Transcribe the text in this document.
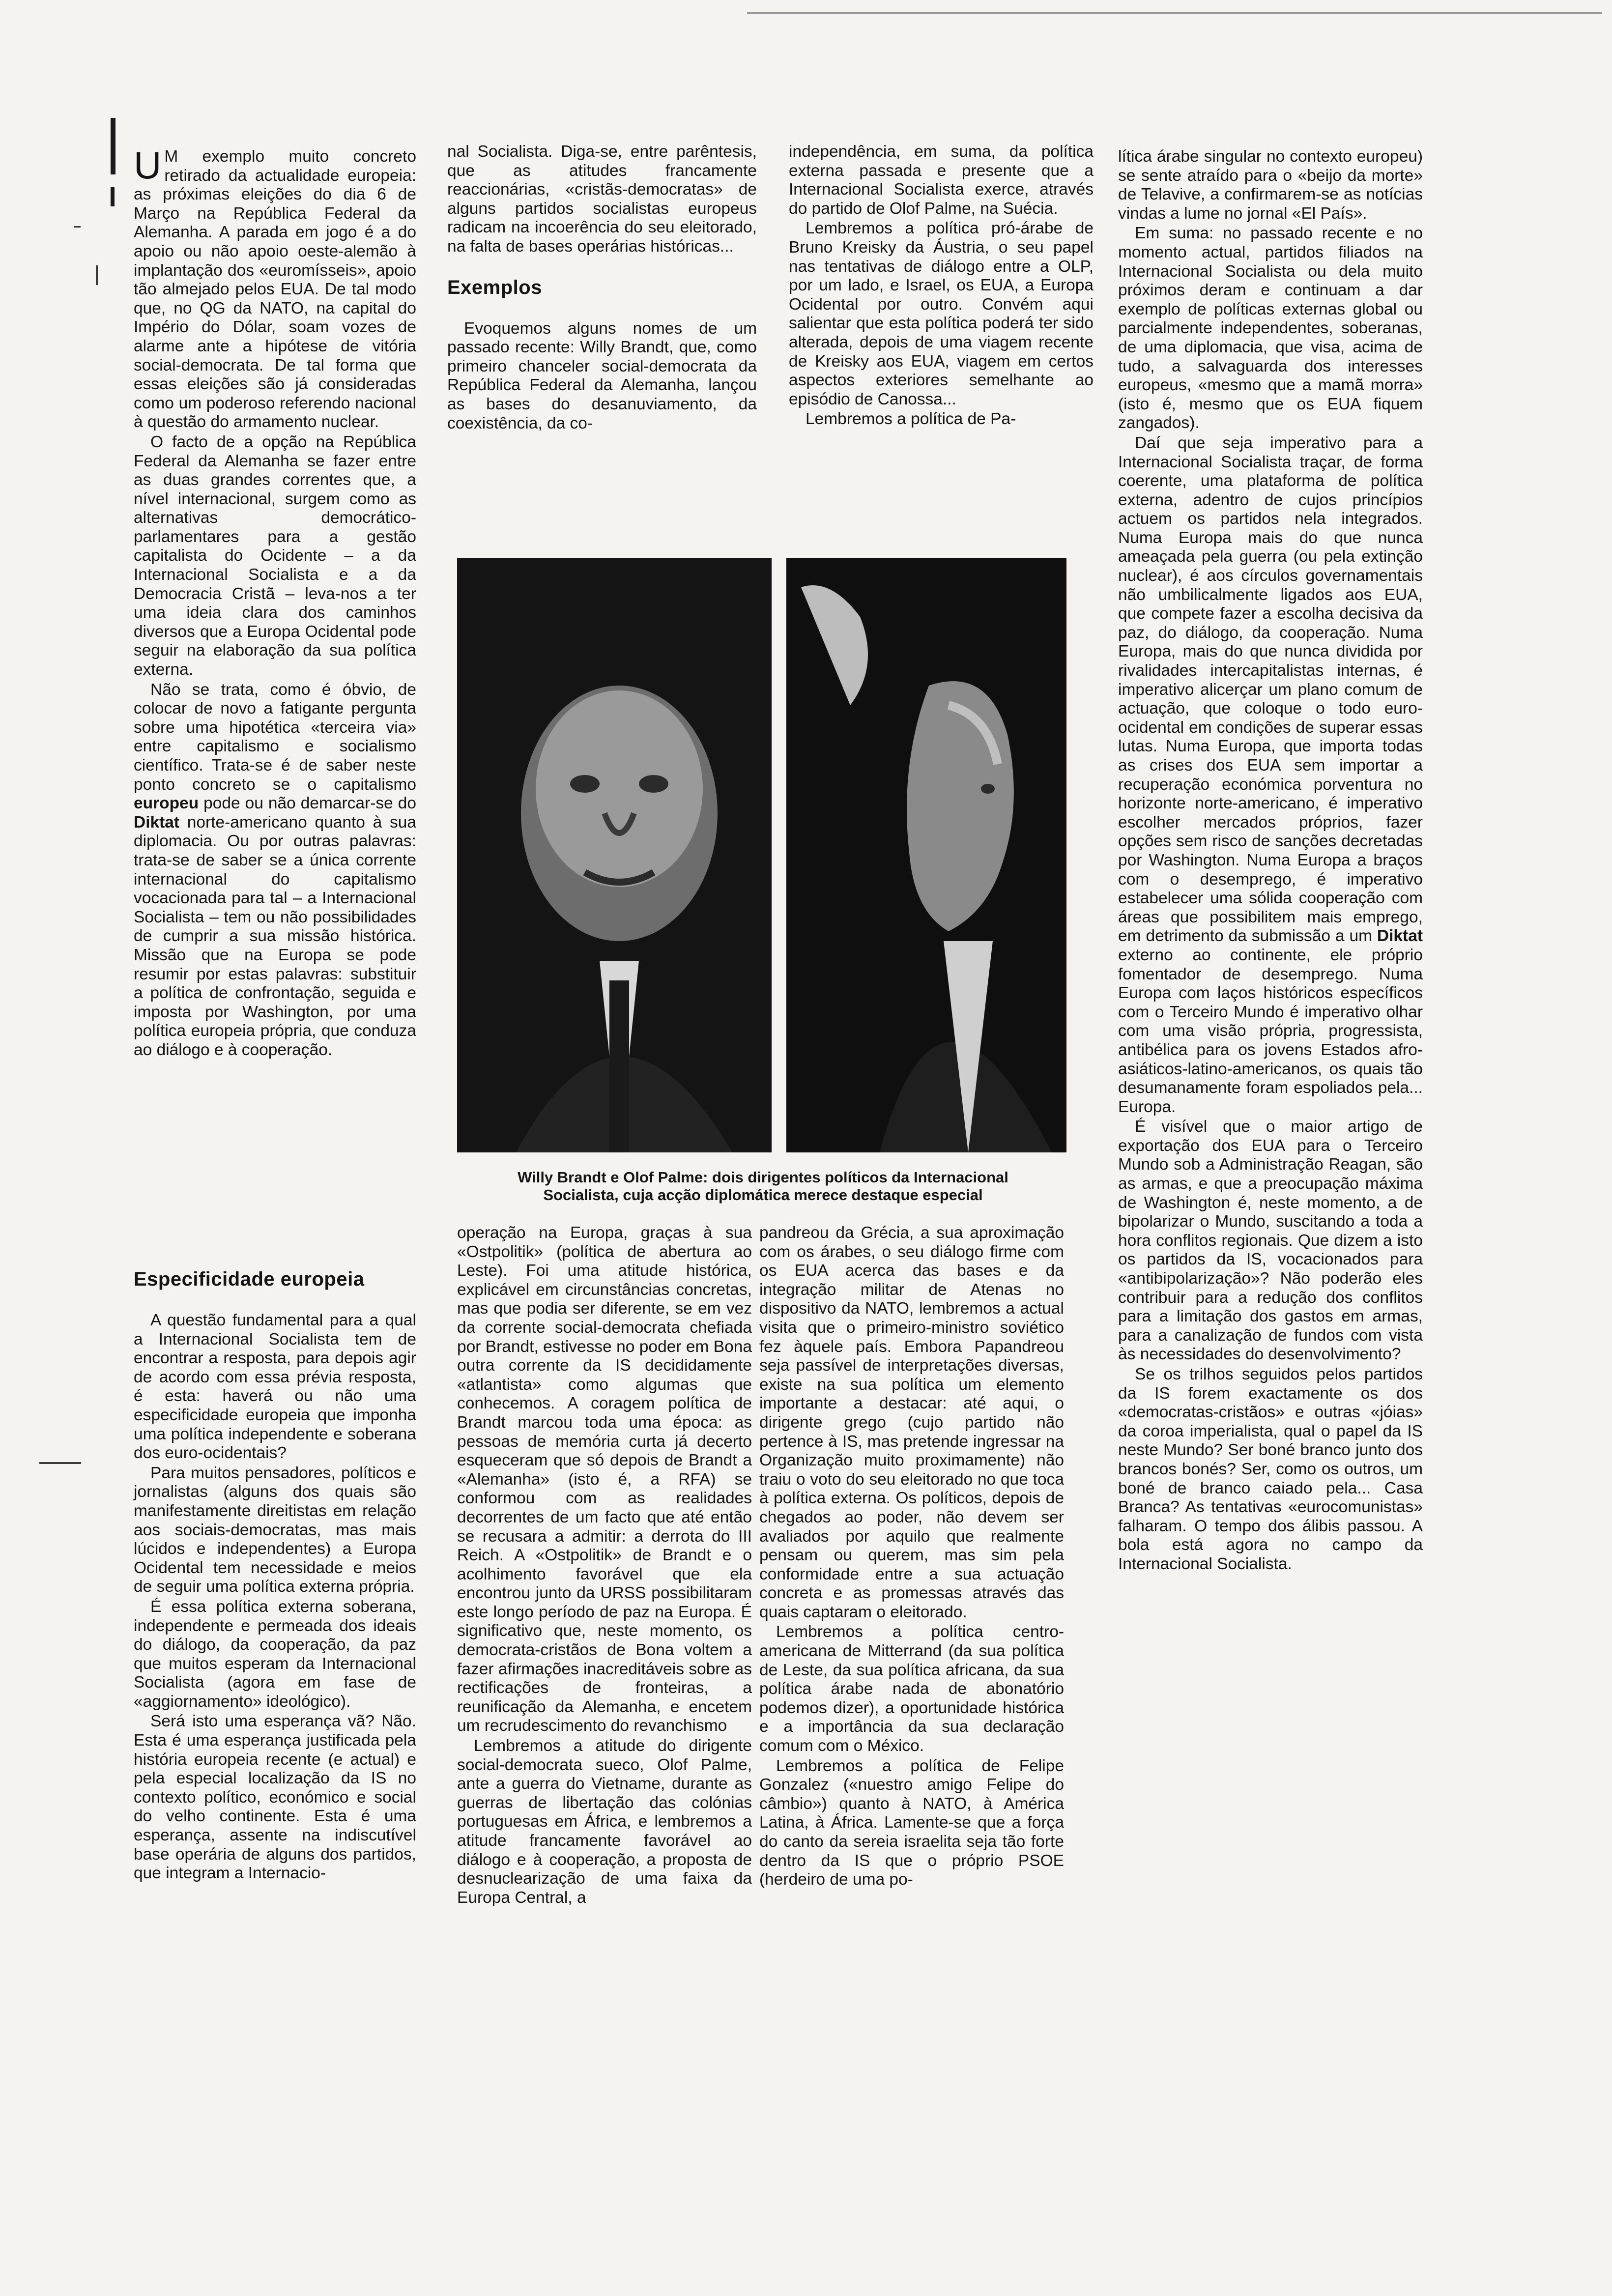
U M exemplo muito concreto retirado da actualidade europeia: as próximas eleições do dia 6 de Março na República Federal da Alemanha. A parada em jogo é a do apoio ou não apoio oeste-alemão à implantação dos «euromísseis», apoio tão almejado pelos EUA. De tal modo que, no QG da NATO, na capital do Império do Dólar, soam vozes de alarme ante a hipótese de vitória social-democrata. De tal forma que essas eleições são já consideradas como um poderoso referendo nacional à questão do armamento nuclear.

O facto de a opção na República Federal da Alemanha se fazer entre as duas grandes correntes que, a nível internacional, surgem como as alternativas democrático-parlamentares para a gestão capitalista do Ocidente – a da Internacional Socialista e a da Democracia Cristã – leva-nos a ter uma ideia clara dos caminhos diversos que a Europa Ocidental pode seguir na elaboração da sua política externa.

Não se trata, como é óbvio, de colocar de novo a fatigante pergunta sobre uma hipotética «terceira via» entre capitalismo e socialismo científico. Trata-se é de saber neste ponto concreto se o capitalismo europeu pode ou não demarcar-se do Diktat norte-americano quanto à sua diplomacia. Ou por outras palavras: trata-se de saber se a única corrente internacional do capitalismo vocacionada para tal – a Internacional Socialista – tem ou não possibilidades de cumprir a sua missão histórica. Missão que na Europa se pode resumir por estas palavras: substituir a política de confrontação, seguida e imposta por Washington, por uma política europeia própria, que conduza ao diálogo e à cooperação.

Especificidade europeia

A questão fundamental para a qual a Internacional Socialista tem de encontrar a resposta, para depois agir de acordo com essa prévia resposta, é esta: haverá ou não uma especificidade europeia que imponha uma política independente e soberana dos euro-ocidentais?

Para muitos pensadores, políticos e jornalistas (alguns dos quais são manifestamente direitistas em relação aos sociais-democratas, mas mais lúcidos e independentes) a Europa Ocidental tem necessidade e meios de seguir uma política externa própria.

É essa política externa soberana, independente e permeada dos ideais do diálogo, da cooperação, da paz que muitos esperam da Internacional Socialista (agora em fase de «aggiornamento» ideológico).

Será isto uma esperança vã? Não. Esta é uma esperança justificada pela história europeia recente (e actual) e pela especial localização da IS no contexto político, económico e social do velho continente. Esta é uma esperança, assente na indiscutível base operária de alguns dos partidos, que integram a Internacio-

nal Socialista. Diga-se, entre parêntesis, que as atitudes francamente reaccionárias, «cristãs-democratas» de alguns partidos socialistas europeus radicam na incoerência do seu eleitorado, na falta de bases operárias históricas...

Exemplos

Evoquemos alguns nomes de um passado recente: Willy Brandt, que, como primeiro chanceler social-democrata da República Federal da Alemanha, lançou as bases do desanuviamento, da coexistência, da co-

independência, em suma, da política externa passada e presente que a Internacional Socialista exerce, através do partido de Olof Palme, na Suécia.

Lembremos a política pró-árabe de Bruno Kreisky da Áustria, o seu papel nas tentativas de diálogo entre a OLP, por um lado, e Israel, os EUA, a Europa Ocidental por outro. Convém aqui salientar que esta política poderá ter sido alterada, depois de uma viagem recente de Kreisky aos EUA, viagem em certos aspectos exteriores semelhante ao episódio de Canossa...

Lembremos a política de Pa-

Willy Brandt e Olof Palme: dois dirigentes políticos da Internacional
Socialista, cuja acção diplomática merece destaque especial

operação na Europa, graças à sua «Ostpolitik» (política de abertura ao Leste). Foi uma atitude histórica, explicável em circunstâncias concretas, mas que podia ser diferente, se em vez da corrente social-democrata chefiada por Brandt, estivesse no poder em Bona outra corrente da IS decididamente «atlantista» como algumas que conhecemos. A coragem política de Brandt marcou toda uma época: as pessoas de memória curta já decerto esqueceram que só depois de Brandt a «Alemanha» (isto é, a RFA) se conformou com as realidades decorrentes de um facto que até então se recusara a admitir: a derrota do III Reich. A «Ostpolitik» de Brandt e o acolhimento favorável que ela encontrou junto da URSS possibilitaram este longo período de paz na Europa. É significativo que, neste momento, os democrata-cristãos de Bona voltem a fazer afirmações inacreditáveis sobre as rectificações de fronteiras, a reunificação da Alemanha, e encetem um recrudescimento do revanchismo

Lembremos a atitude do dirigente social-democrata sueco, Olof Palme, ante a guerra do Vietname, durante as guerras de libertação das colónias portuguesas em África, e lembremos a atitude francamente favorável ao diálogo e à cooperação, a proposta de desnuclearização de uma faixa da Europa Central, a

pandreou da Grécia, a sua aproximação com os árabes, o seu diálogo firme com os EUA acerca das bases e da integração militar de Atenas no dispositivo da NATO, lembremos a actual visita que o primeiro-ministro soviético fez àquele país. Embora Papandreou seja passível de interpretações diversas, existe na sua política um elemento importante a destacar: até aqui, o dirigente grego (cujo partido não pertence à IS, mas pretende ingressar na Organização muito proximamente) não traiu o voto do seu eleitorado no que toca à política externa. Os políticos, depois de chegados ao poder, não devem ser avaliados por aquilo que realmente pensam ou querem, mas sim pela conformidade entre a sua actuação concreta e as promessas através das quais captaram o eleitorado.

Lembremos a política centro-americana de Mitterrand (da sua política de Leste, da sua política africana, da sua política árabe nada de abonatório podemos dizer), a oportunidade histórica e a importância da sua declaração comum com o México.

Lembremos a política de Felipe Gonzalez («nuestro amigo Felipe do câmbio») quanto à NATO, à América Latina, à África. Lamente-se que a força do canto da sereia israelita seja tão forte dentro da IS que o próprio PSOE (herdeiro de uma po-

lítica árabe singular no contexto europeu) se sente atraído para o «beijo da morte» de Telavive, a confirmarem-se as notícias vindas a lume no jornal «El País».

Em suma: no passado recente e no momento actual, partidos filiados na Internacional Socialista ou dela muito próximos deram e continuam a dar exemplo de políticas externas global ou parcialmente independentes, soberanas, de uma diplomacia, que visa, acima de tudo, a salvaguarda dos interesses europeus, «mesmo que a mamã morra» (isto é, mesmo que os EUA fiquem zangados).

Daí que seja imperativo para a Internacional Socialista traçar, de forma coerente, uma plataforma de política externa, adentro de cujos princípios actuem os partidos nela integrados. Numa Europa mais do que nunca ameaçada pela guerra (ou pela extinção nuclear), é aos círculos governamentais não umbilicalmente ligados aos EUA, que compete fazer a escolha decisiva da paz, do diálogo, da cooperação. Numa Europa, mais do que nunca dividida por rivalidades intercapitalistas internas, é imperativo alicerçar um plano comum de actuação, que coloque o todo euro-ocidental em condições de superar essas lutas. Numa Europa, que importa todas as crises dos EUA sem importar a recuperação económica porventura no horizonte norte-americano, é imperativo escolher mercados próprios, fazer opções sem risco de sanções decretadas por Washington. Numa Europa a braços com o desemprego, é imperativo estabelecer uma sólida cooperação com áreas que possibilitem mais emprego, em detrimento da submissão a um Diktat externo ao continente, ele próprio fomentador de desemprego. Numa Europa com laços históricos específicos com o Terceiro Mundo é imperativo olhar com uma visão própria, progressista, antibélica para os jovens Estados afro-asiáticos-latino-americanos, os quais tão desumanamente foram espoliados pela... Europa.

É visível que o maior artigo de exportação dos EUA para o Terceiro Mundo sob a Administração Reagan, são as armas, e que a preocupação máxima de Washington é, neste momento, a de bipolarizar o Mundo, suscitando a toda a hora conflitos regionais. Que dizem a isto os partidos da IS, vocacionados para «antibipolarização»? Não poderão eles contribuir para a redução dos conflitos para a limitação dos gastos em armas, para a canalização de fundos com vista às necessidades do desenvolvimento?

Se os trilhos seguidos pelos partidos da IS forem exactamente os dos «democratas-cristãos» e outras «jóias» da coroa imperialista, qual o papel da IS neste Mundo? Ser boné branco junto dos brancos bonés? Ser, como os outros, um boné de branco caiado pela... Casa Branca? As tentativas «eurocomunistas» falharam. O tempo dos álibis passou. A bola está agora no campo da Internacional Socialista.
